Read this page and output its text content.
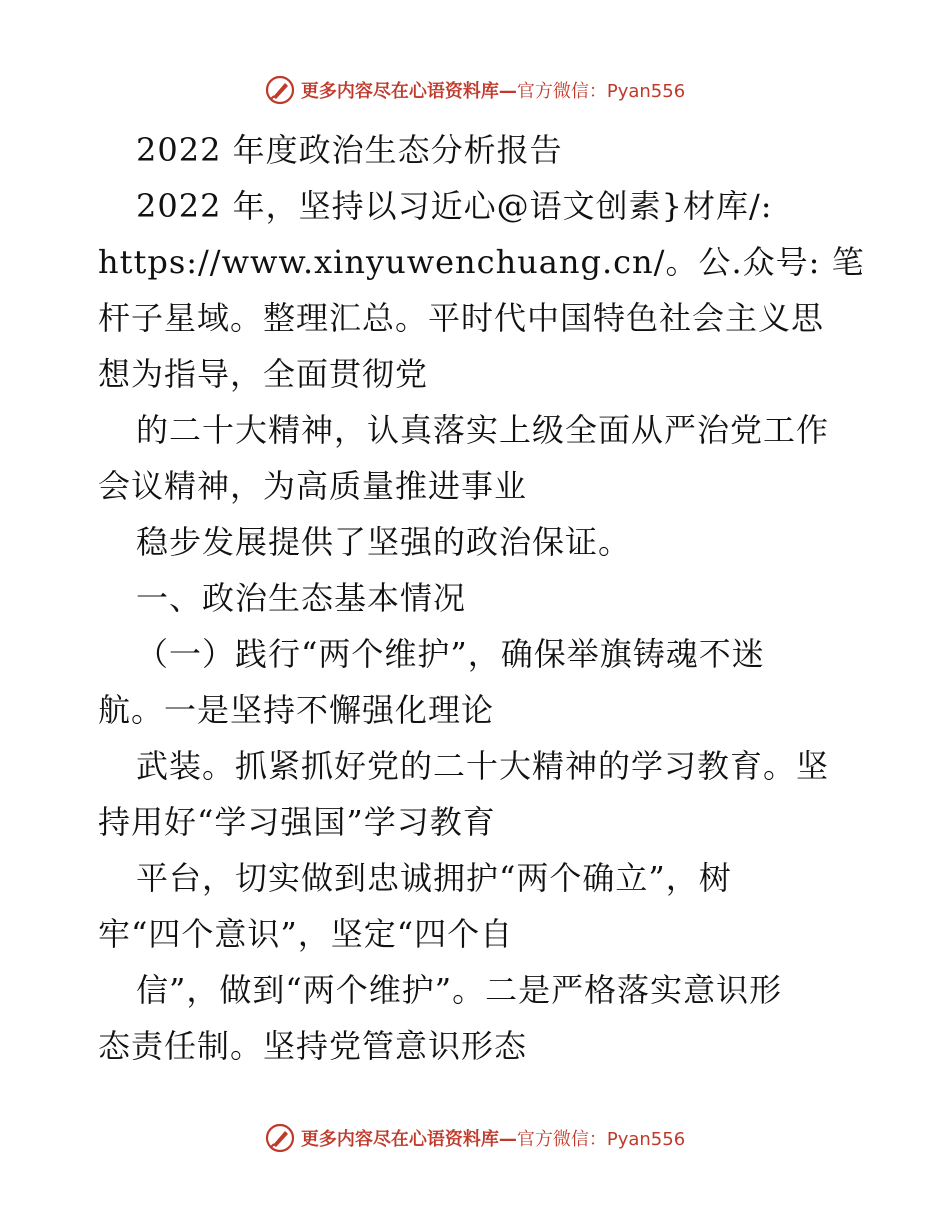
更多内容尽在心语资料库—官方微信：Pyan556
2022 年度政治生态分析报告
2022 年，坚持以习近心@语文创素}材库/:
https://www.xinyuwenchuang.cn/。公.众号: 笔
杆子星域。整理汇总。平时代中国特色社会主义思
想为指导，全面贯彻党
的二十大精神，认真落实上级全面从严治党工作
会议精神，为高质量推进事业
稳步发展提供了坚强的政治保证。
一、政治生态基本情况
（一）践行“两个维护”，确保举旗铸魂不迷
航。一是坚持不懈强化理论
武装。抓紧抓好党的二十大精神的学习教育。坚
持用好“学习强国”学习教育
平台，切实做到忠诚拥护“两个确立”，树
牢“四个意识”，坚定“四个自
信”，做到“两个维护”。二是严格落实意识形
态责任制。坚持党管意识形态
更多内容尽在心语资料库—官方微信：Pyan556
